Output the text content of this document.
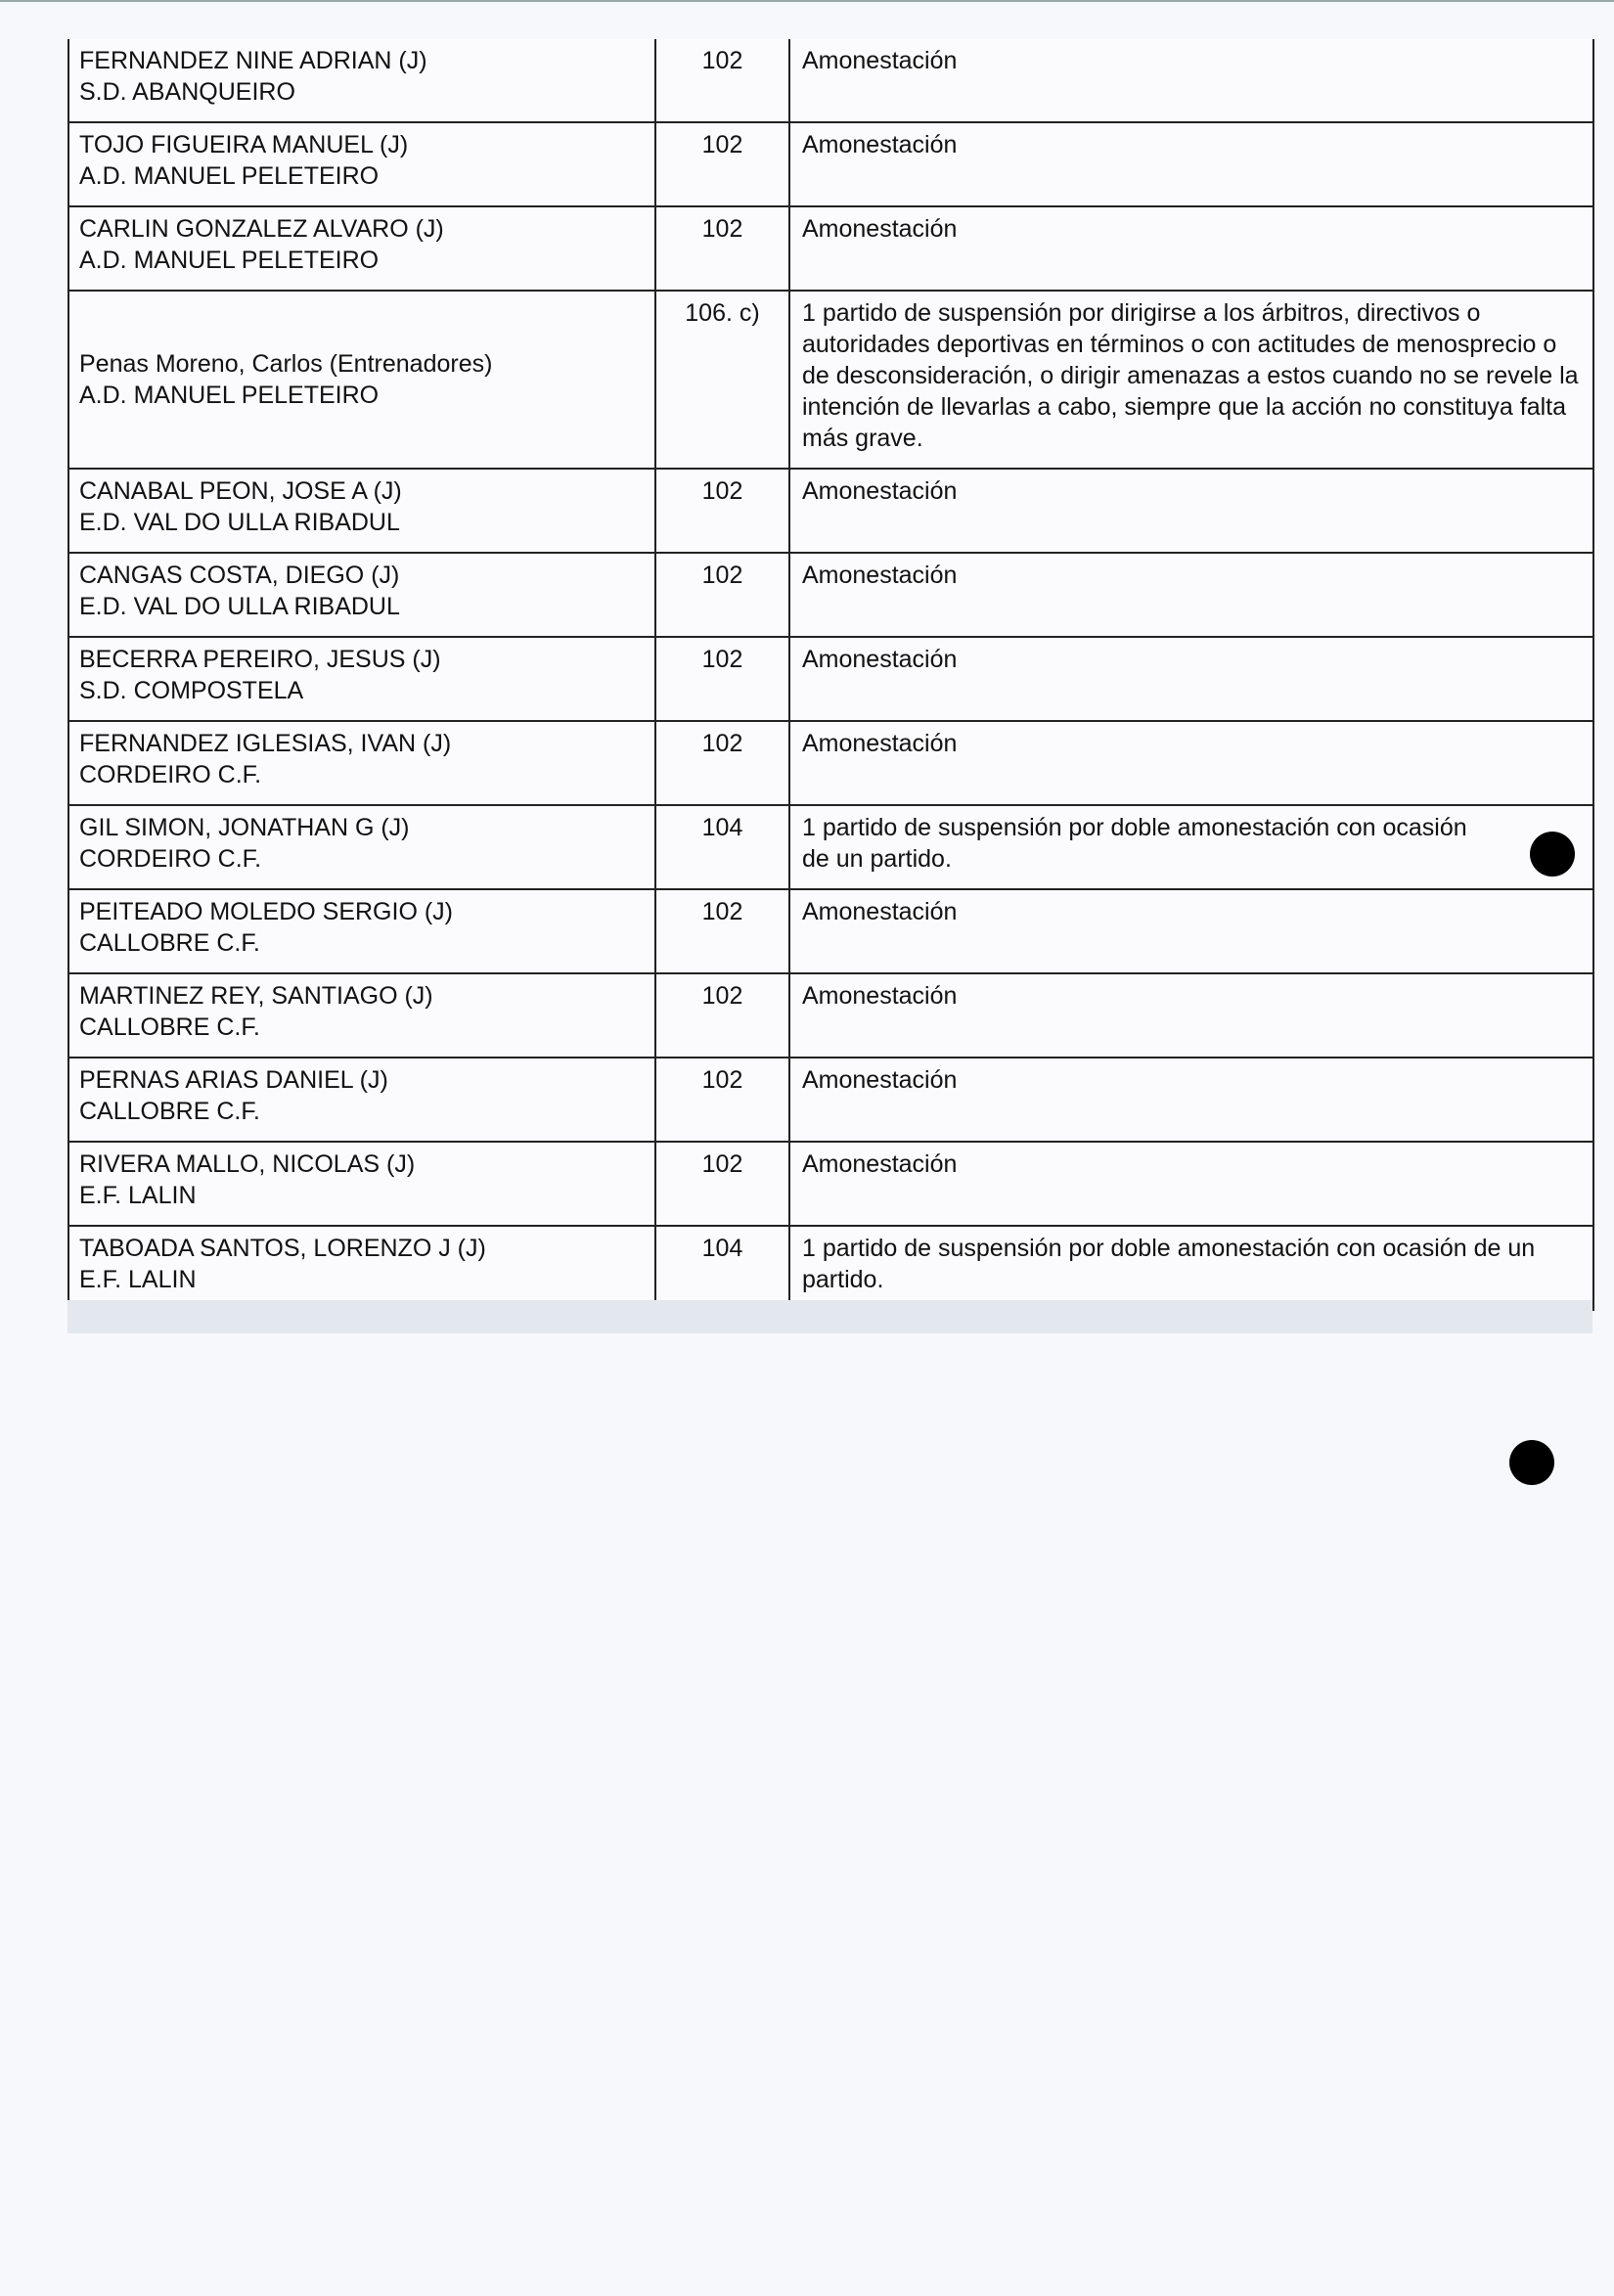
FERNANDEZ NINE ADRIAN (J)
S.D. ABANQUEIRO
102	Amonestación
TOJO FIGUEIRA MANUEL (J)
A.D. MANUEL PELETEIRO
102	Amonestación
CARLIN GONZALEZ ALVARO (J)
A.D. MANUEL PELETEIRO
102	Amonestación
Penas Moreno, Carlos (Entrenadores)
A.D. MANUEL PELETEIRO
106. c)	1 partido de suspensión por dirigirse a los árbitros, directivos o autoridades deportivas en términos o con actitudes de menosprecio o de desconsideración, o dirigir amenazas a estos cuando no se revele la intención de llevarlas a cabo, siempre que la acción no constituya falta más grave.
CANABAL PEON, JOSE A (J)
E.D. VAL DO ULLA RIBADUL
102	Amonestación
CANGAS COSTA, DIEGO (J)
E.D. VAL DO ULLA RIBADUL
102	Amonestación
BECERRA PEREIRO, JESUS (J)
S.D. COMPOSTELA
102	Amonestación
FERNANDEZ IGLESIAS, IVAN (J)
CORDEIRO C.F.
102	Amonestación
GIL SIMON, JONATHAN G (J)
CORDEIRO C.F.
104	1 partido de suspensión por doble amonestación con ocasión de un partido.
PEITEADO MOLEDO SERGIO (J)
CALLOBRE C.F.
102	Amonestación
MARTINEZ REY, SANTIAGO (J)
CALLOBRE C.F.
102	Amonestación
PERNAS ARIAS DANIEL (J)
CALLOBRE C.F.
102	Amonestación
RIVERA MALLO, NICOLAS (J)
E.F. LALIN
102	Amonestación
TABOADA SANTOS, LORENZO J (J)
E.F. LALIN
104	1 partido de suspensión por doble amonestación con ocasión de un partido.
